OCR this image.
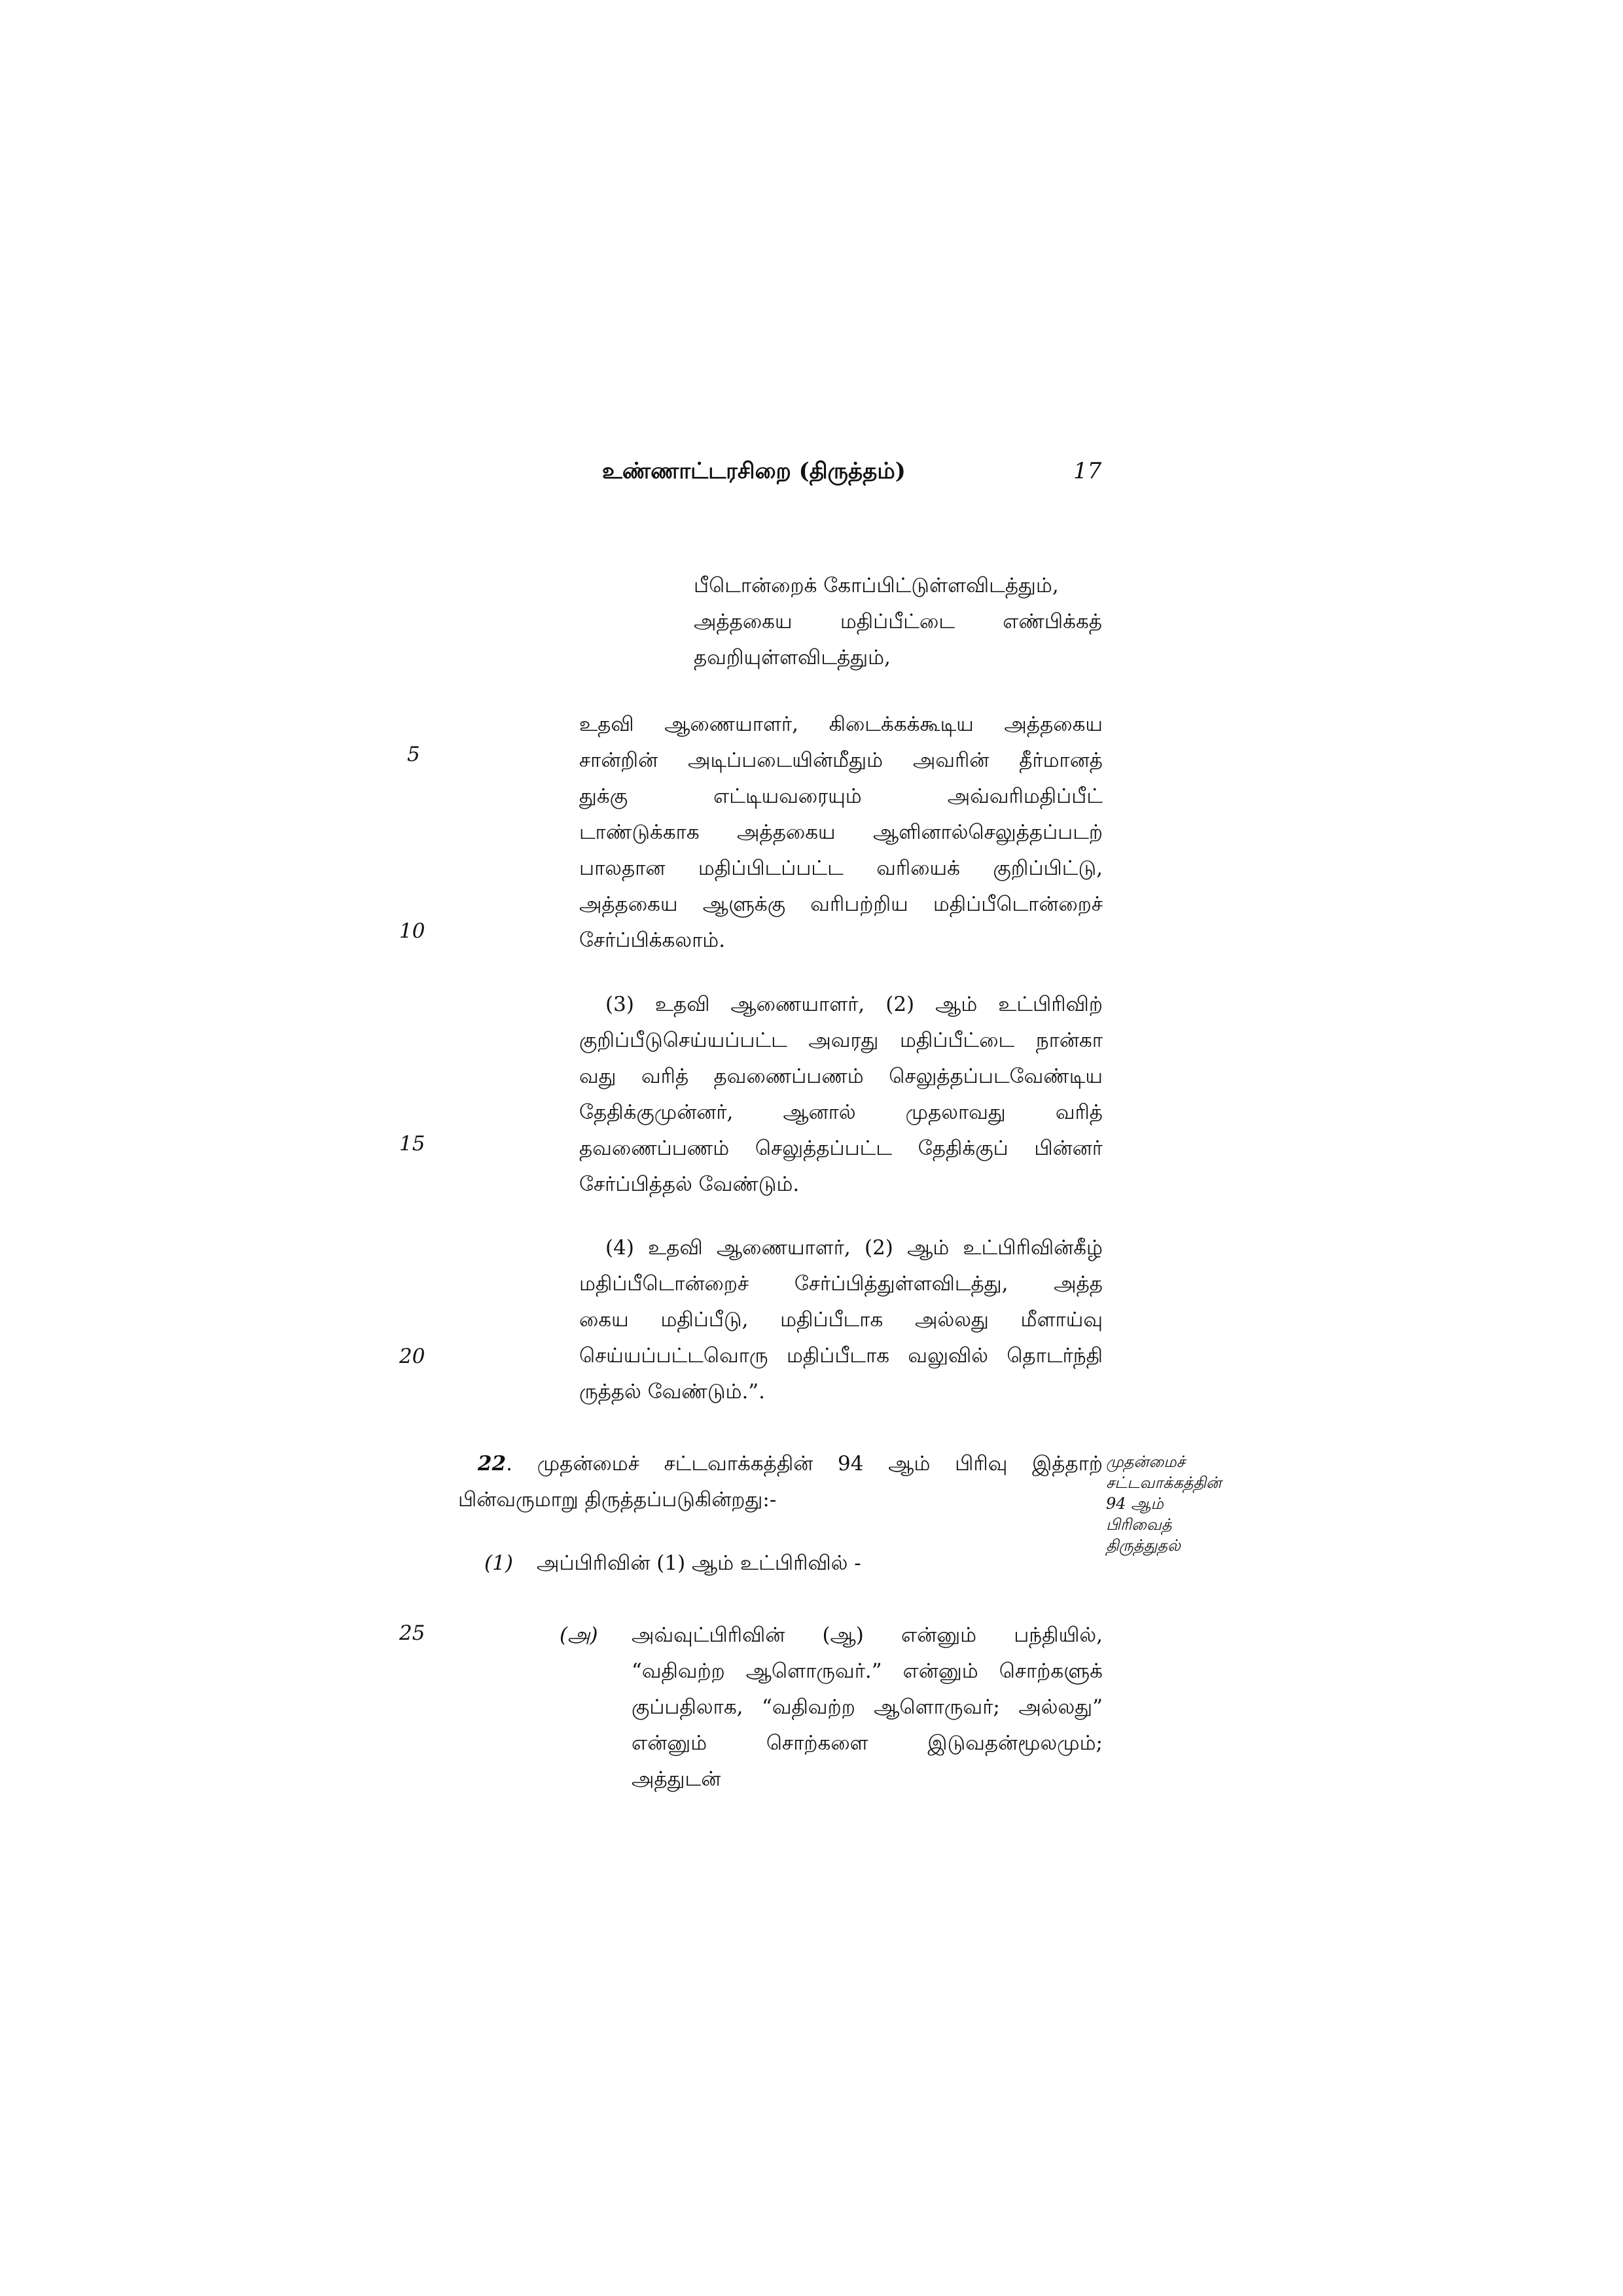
உண்ணாட்டரசிறை (திருத்தம்)	17
பீடொன்றைக் கோப்பிட்டுள்ளவிடத்தும்,
அத்தகைய மதிப்பீட்டை எண்பிக்கத்
தவறியுள்ளவிடத்தும்,
உதவி ஆணையாளர், கிடைக்கக்கூடிய அத்தகைய
சான்றின் அடிப்படையின்மீதும் அவரின் தீர்மானத்
துக்கு எட்டியவரையும் அவ்வரிமதிப்பீட்
டாண்டுக்காக அத்தகைய ஆளினால்செலுத்தப்படற்
பாலதான மதிப்பிடப்பட்ட வரியைக் குறிப்பிட்டு,
அத்தகைய ஆளுக்கு வரிபற்றிய மதிப்பீடொன்றைச்
சேர்ப்பிக்கலாம்.
(3) உதவி ஆணையாளர், (2) ஆம் உட்பிரிவிற்
குறிப்பீடுசெய்யப்பட்ட அவரது மதிப்பீட்டை நான்கா
வது வரித் தவணைப்பணம் செலுத்தப்படவேண்டிய
தேதிக்குமுன்னர், ஆனால் முதலாவது வரித்
தவணைப்பணம் செலுத்தப்பட்ட தேதிக்குப் பின்னர்
சேர்ப்பித்தல் வேண்டும்.
(4) உதவி ஆணையாளர், (2) ஆம் உட்பிரிவின்கீழ்
மதிப்பீடொன்றைச் சேர்ப்பித்துள்ளவிடத்து, அத்த
கைய மதிப்பீடு, மதிப்பீடாக அல்லது மீளாய்வு
செய்யப்பட்டவொரு மதிப்பீடாக வலுவில் தொடர்ந்தி
ருத்தல் வேண்டும்.”.
22. முதன்மைச் சட்டவாக்கத்தின் 94 ஆம் பிரிவு இத்தாற்
பின்வருமாறு திருத்தப்படுகின்றது:-
(1) அப்பிரிவின் (1) ஆம் உட்பிரிவில் -
(அ) அவ்வுட்பிரிவின் (ஆ) என்னும் பந்தியில்,
“வதிவற்ற ஆளொருவர்.” என்னும் சொற்களுக்
குப்பதிலாக, “வதிவற்ற ஆளொருவர்; அல்லது”
என்னும் சொற்களை இடுவதன்மூலமும்;
அத்துடன்
முதன்மைச்
சட்டவாக்கத்தின்
94 ஆம்
பிரிவைத்
திருத்துதல்
5
10
15
20
25
